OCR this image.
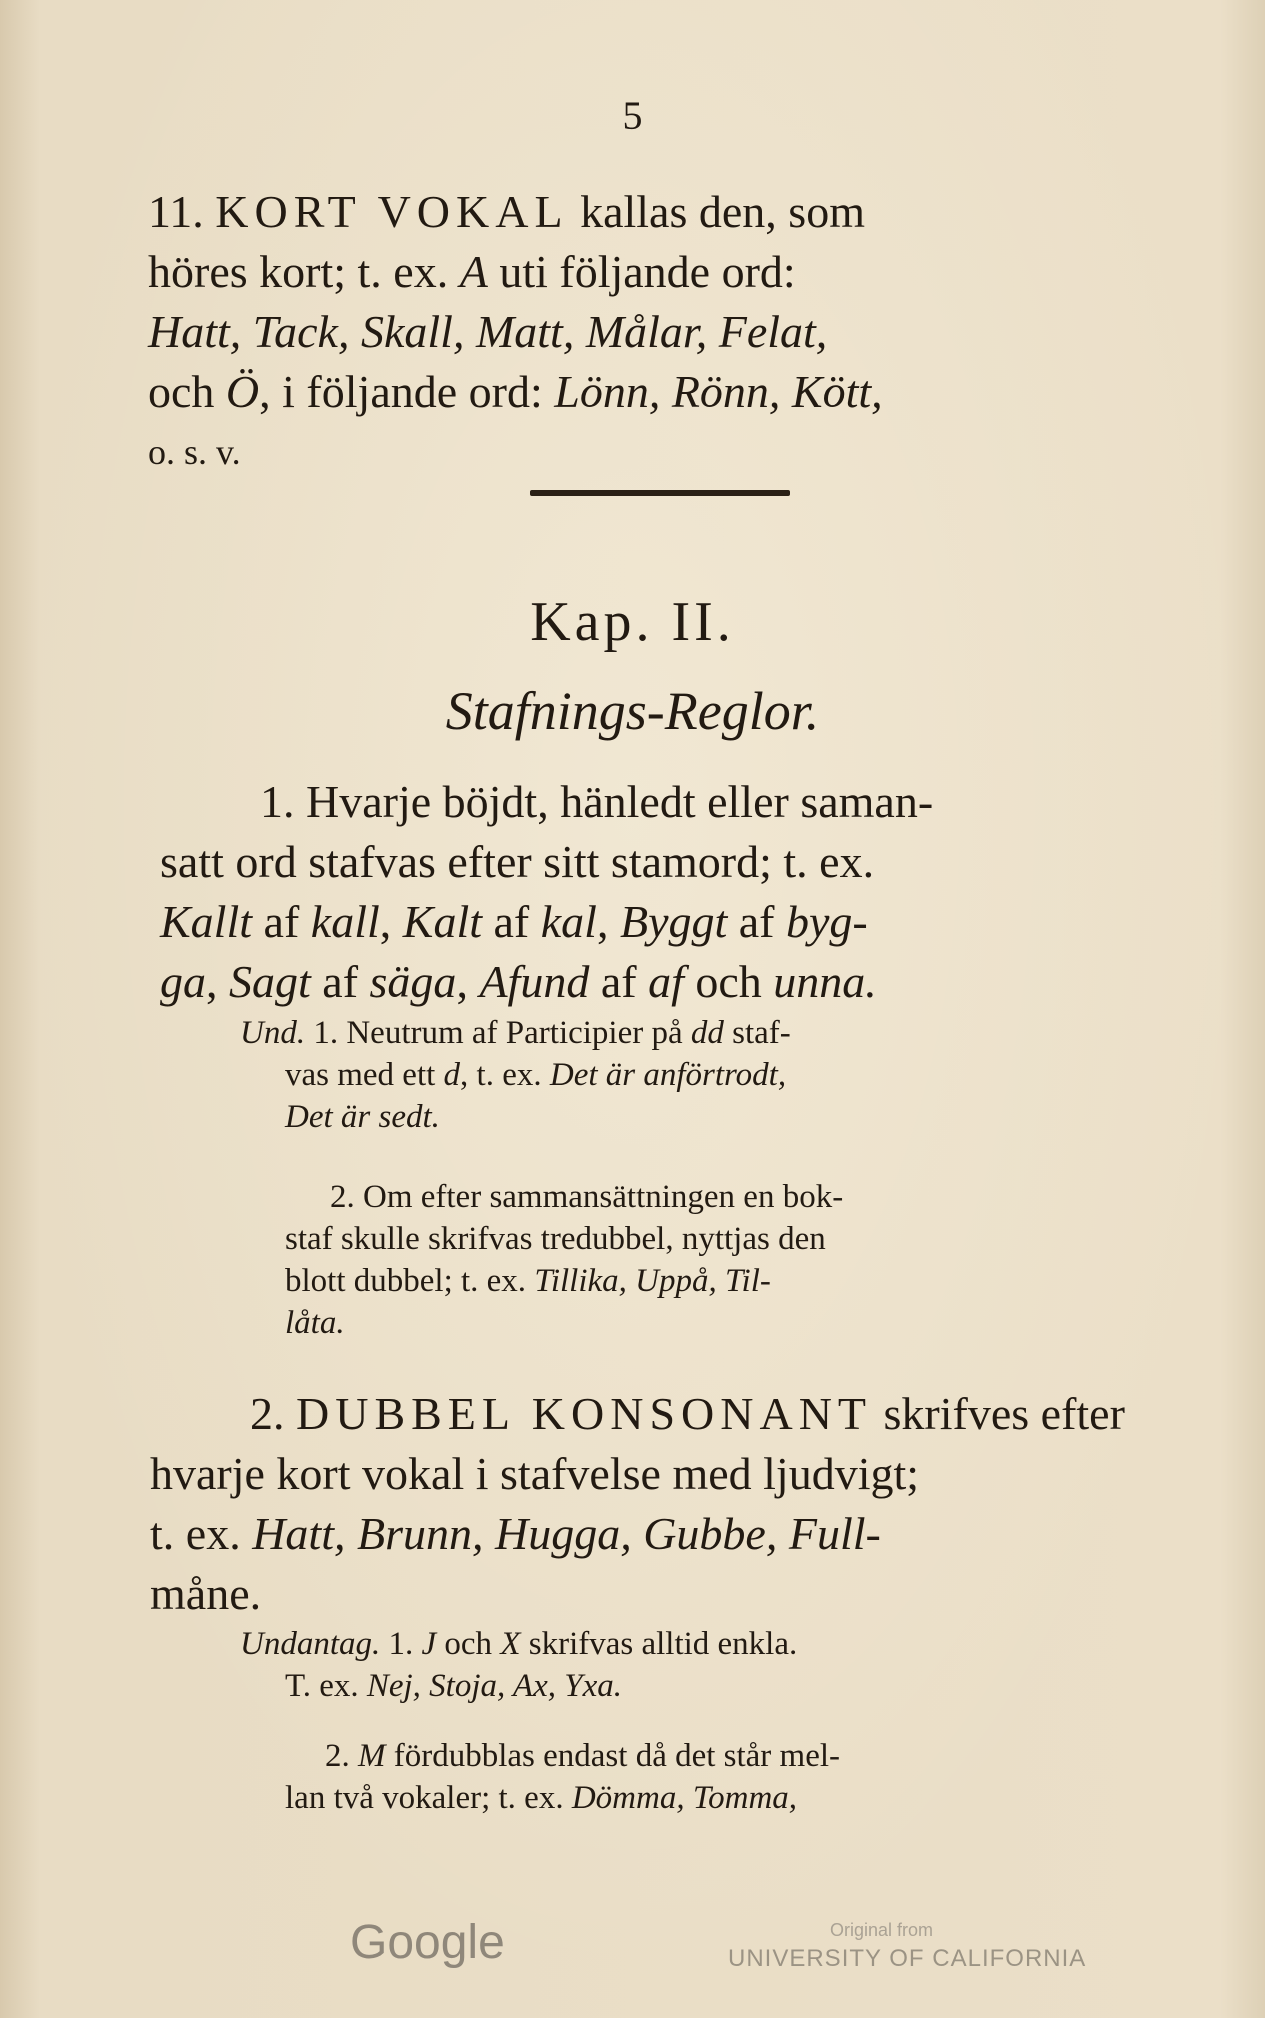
5
11. KORT VOKAL kallas den, som
höres kort; t. ex. A uti följande ord:
Hatt, Tack, Skall, Matt, Målar, Felat,
och Ö, i följande ord: Lönn, Rönn, Kött,
o. s. v.
Kap. II.
Stafnings-Reglor.
1. Hvarje böjdt, hänledt eller saman-
satt ord stafvas efter sitt stamord; t. ex.
Kallt af kall, Kalt af kal, Byggt af byg-
ga, Sagt af säga, Afund af af och unna.
Und. 1. Neutrum af Participier på dd staf-
vas med ett d, t. ex. Det är anförtrodt,
Det är sedt.
2. Om efter sammansättningen en bok-
staf skulle skrifvas tredubbel, nyttjas den
blott dubbel; t. ex. Tillika, Uppå, Til-
låta.
2. DUBBEL KONSONANT skrifves efter
hvarje kort vokal i stafvelse med ljudvigt;
t. ex. Hatt, Brunn, Hugga, Gubbe, Full-
måne.
Undantag. 1. J och X skrifvas alltid enkla.
T. ex. Nej, Stoja, Ax, Yxa.
2. M fördubblas endast då det står mel-
lan två vokaler; t. ex. Dömma, Tomma,
Google	Original from
UNIVERSITY OF CALIFORNIA
